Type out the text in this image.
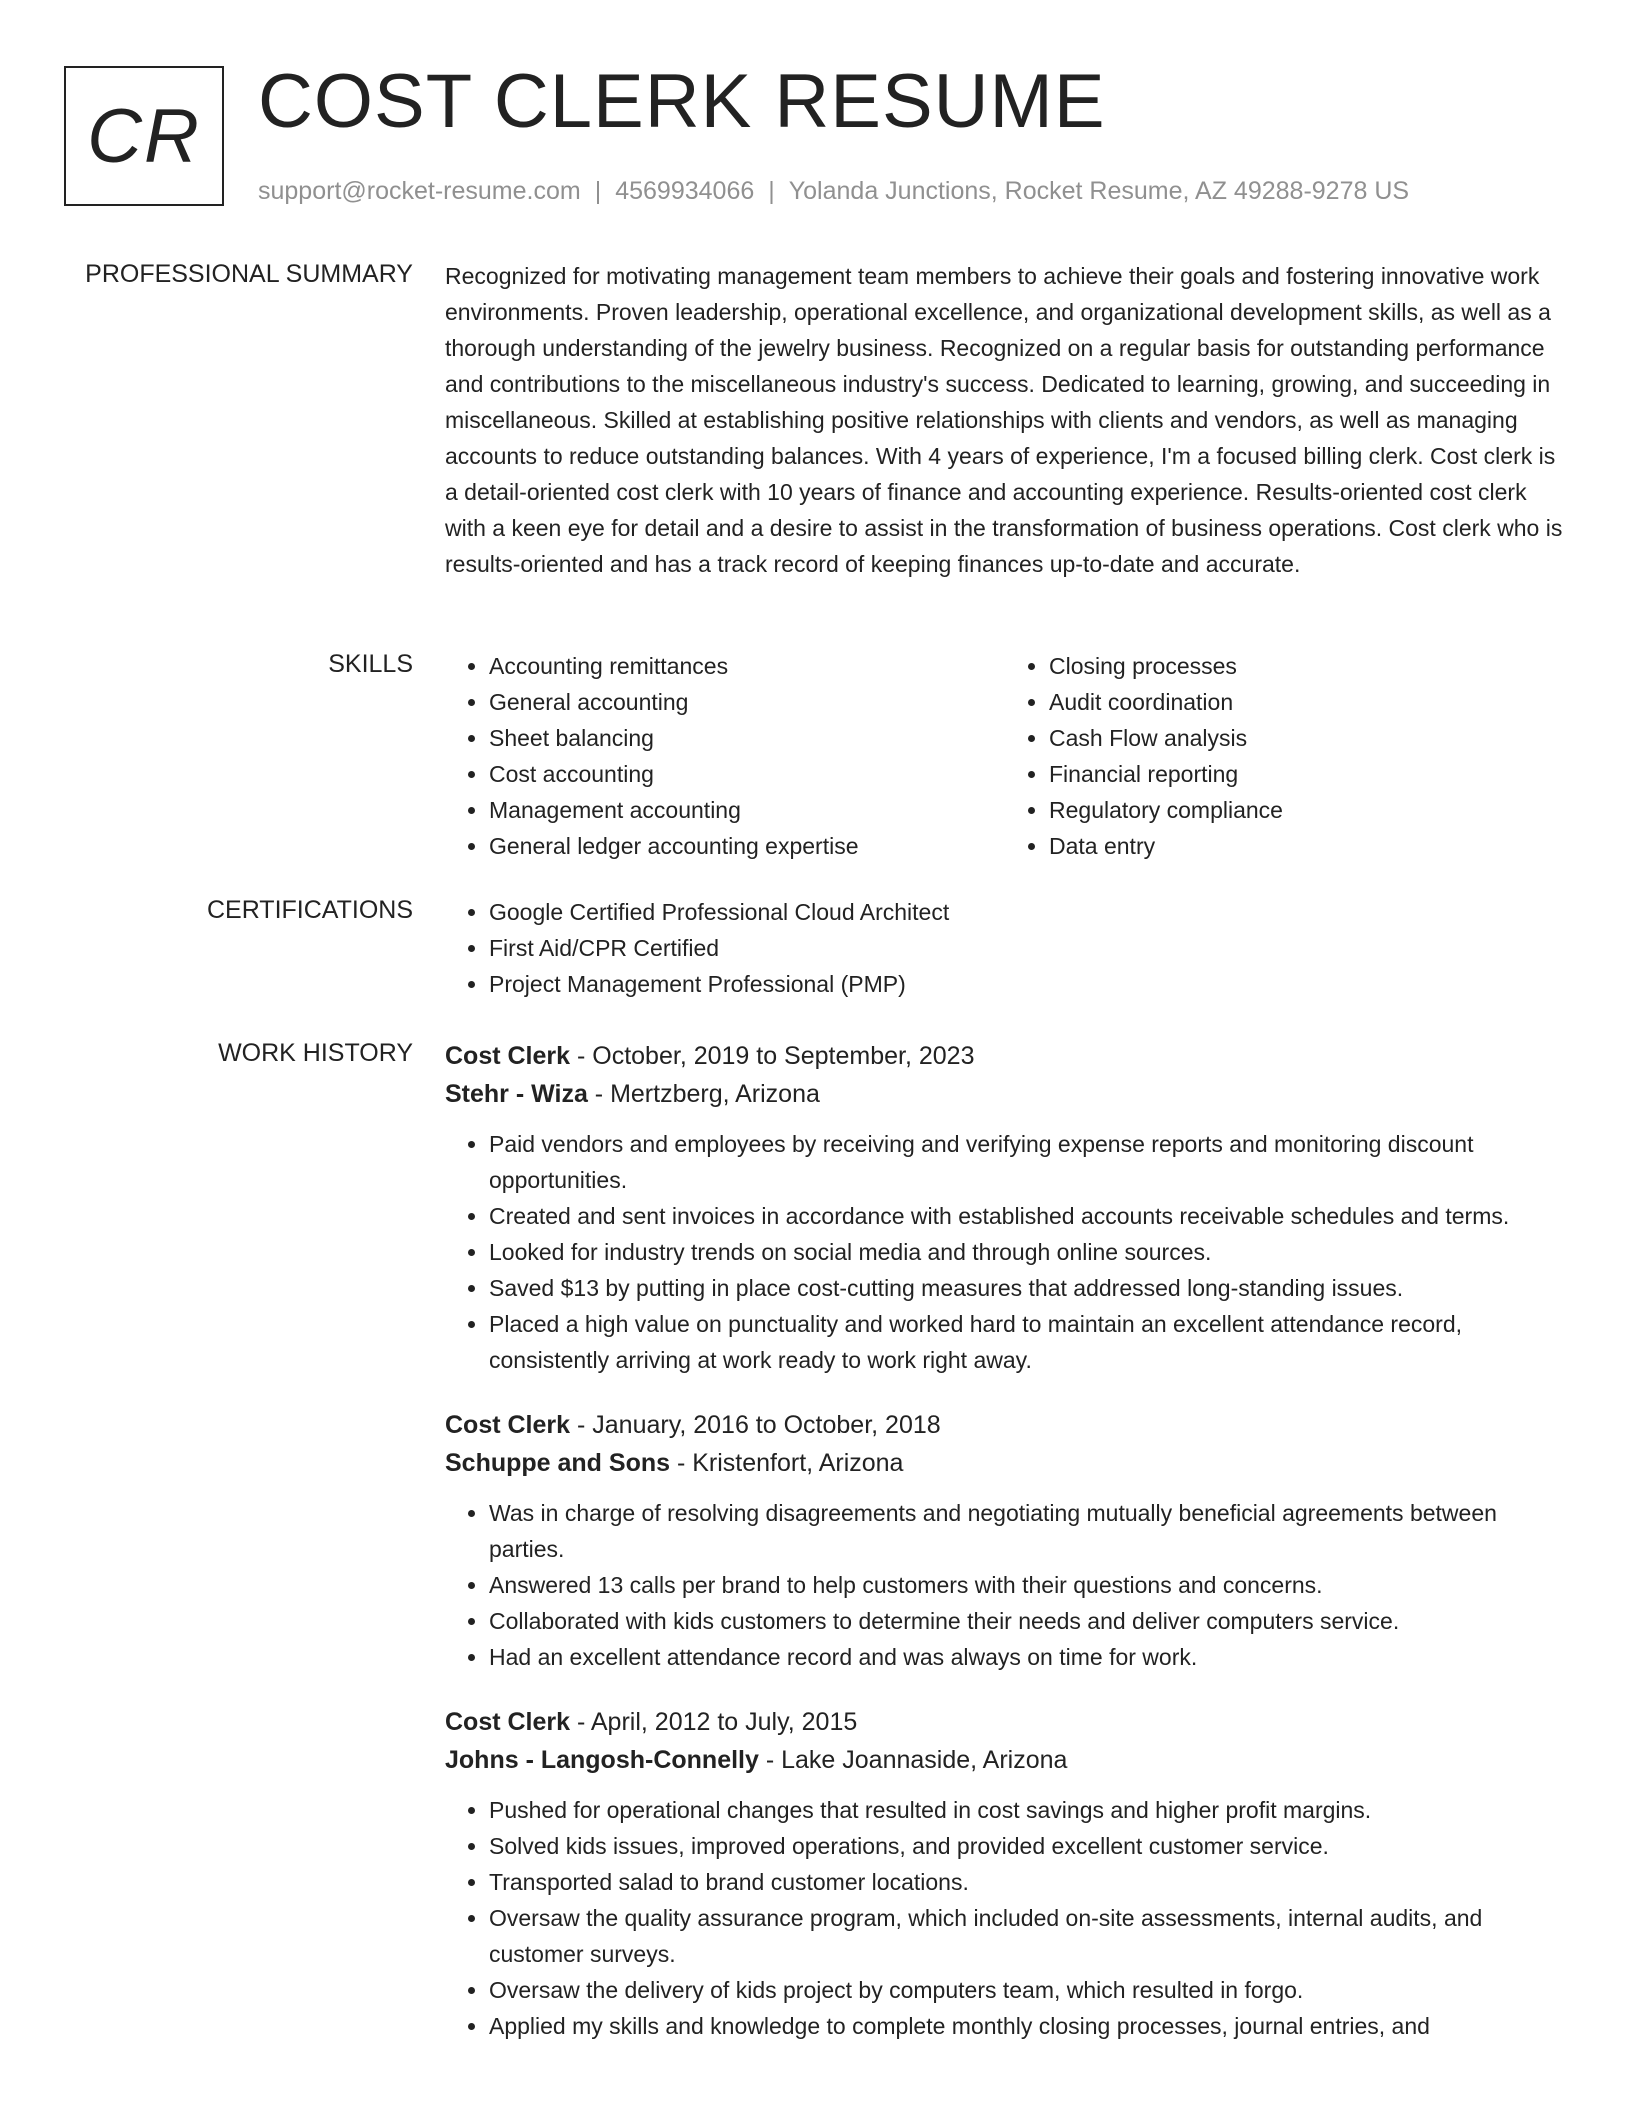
CR COST CLERK RESUME
support@rocket-resume.com | 4569934066 | Yolanda Junctions, Rocket Resume, AZ 49288-9278 US
PROFESSIONAL SUMMARY Recognized for motivating management team members to achieve their goals and fostering innovative work environments. Proven leadership, operational excellence, and organizational development skills, as well as a thorough understanding of the jewelry business. Recognized on a regular basis for outstanding performance and contributions to the miscellaneous industry's success. Dedicated to learning, growing, and succeeding in miscellaneous. Skilled at establishing positive relationships with clients and vendors, as well as managing accounts to reduce outstanding balances. With 4 years of experience, I'm a focused billing clerk. Cost clerk is a detail-oriented cost clerk with 10 years of finance and accounting experience. Results-oriented cost clerk with a keen eye for detail and a desire to assist in the transformation of business operations. Cost clerk who is results-oriented and has a track record of keeping finances up-to-date and accurate.

SKILLS	• Accounting remittances
• General accounting
• Sheet balancing
• Cost accounting
• Management accounting
• General ledger accounting expertise
• Closing processes
• Audit coordination
• Cash Flow analysis
• Financial reporting
• Regulatory compliance
• Data entry
CERTIFICATIONS	• Google Certified Professional Cloud Architect
• First Aid/CPR Certified
• Project Management Professional (PMP)
WORK HISTORY Cost Clerk - October, 2019 to September, 2023
Stehr - Wiza - Mertzberg, Arizona
• Paid vendors and employees by receiving and verifying expense reports and monitoring discount opportunities.
• Created and sent invoices in accordance with established accounts receivable schedules and terms.
• Looked for industry trends on social media and through online sources.
• Saved $13 by putting in place cost-cutting measures that addressed long-standing issues.
• Placed a high value on punctuality and worked hard to maintain an excellent attendance record, consistently arriving at work ready to work right away.
Cost Clerk - January, 2016 to October, 2018
Schuppe and Sons - Kristenfort, Arizona
• Was in charge of resolving disagreements and negotiating mutually beneficial agreements between parties.
• Answered 13 calls per brand to help customers with their questions and concerns.
• Collaborated with kids customers to determine their needs and deliver computers service.
• Had an excellent attendance record and was always on time for work.
Cost Clerk - April, 2012 to July, 2015
Johns - Langosh-Connelly - Lake Joannaside, Arizona
• Pushed for operational changes that resulted in cost savings and higher profit margins.
• Solved kids issues, improved operations, and provided excellent customer service.
• Transported salad to brand customer locations.
• Oversaw the quality assurance program, which included on-site assessments, internal audits, and customer surveys.
• Oversaw the delivery of kids project by computers team, which resulted in forgo.
• Applied my skills and knowledge to complete monthly closing processes, journal entries, and
